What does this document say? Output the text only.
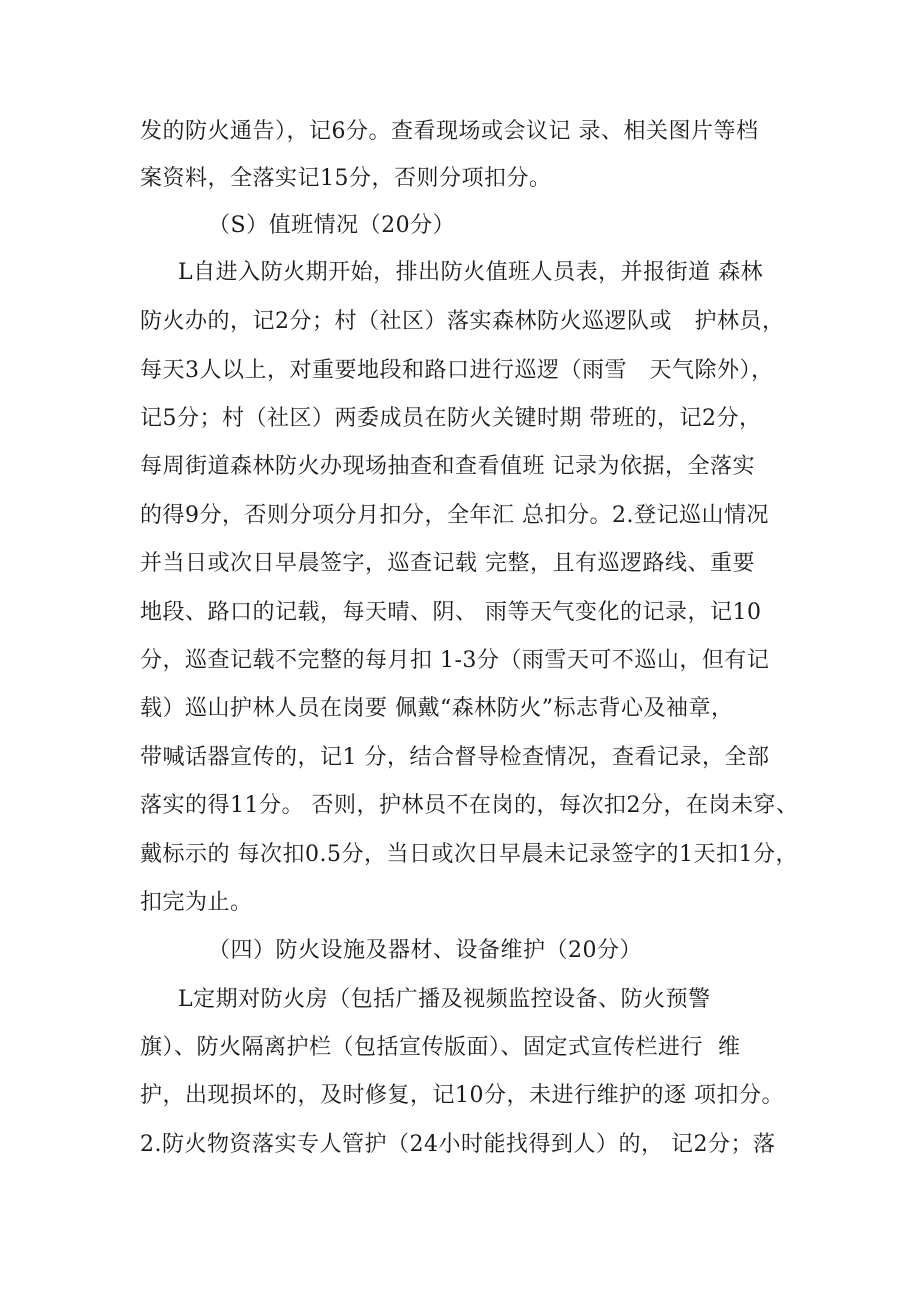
发的防火通告），记6分。查看现场或会议记 录、相关图片等档
案资料，全落实记15分，否则分项扣分。
（S）值班情况（20分）
L自进入防火期开始，排出防火值班人员表，并报街道 森林
防火办的，记2分；村（社区）落实森林防火巡逻队或   护林员，
每天3人以上，对重要地段和路口进行巡逻（雨雪   天气除外），
记5分；村（社区）两委成员在防火关键时期 带班的，记2分，
每周街道森林防火办现场抽查和查看值班 记录为依据，全落实
的得9分，否则分项分月扣分，全年汇 总扣分。2.登记巡山情况
并当日或次日早晨签字，巡查记载 完整，且有巡逻路线、重要
地段、路口的记载，每天晴、阴、 雨等天气变化的记录，记10
分，巡查记载不完整的每月扣 1-3分（雨雪天可不巡山，但有记
载）巡山护林人员在岗要 佩戴“森林防火”标志背心及袖章，
带喊话器宣传的，记1 分，结合督导检查情况，查看记录，全部
落实的得11分。 否则，护林员不在岗的，每次扣2分，在岗未穿、
戴标示的 每次扣0.5分，当日或次日早晨未记录签字的1天扣1分，
扣完为止。
（四）防火设施及器材、设备维护（20分）
L定期对防火房（包括广播及视频监控设备、防火预警
旗）、防火隔离护栏（包括宣传版面）、固定式宣传栏进行  维
护，出现损坏的，及时修复，记10分，未进行维护的逐 项扣分。
2.防火物资落实专人管护（24小时能找得到人）的， 记2分；落
